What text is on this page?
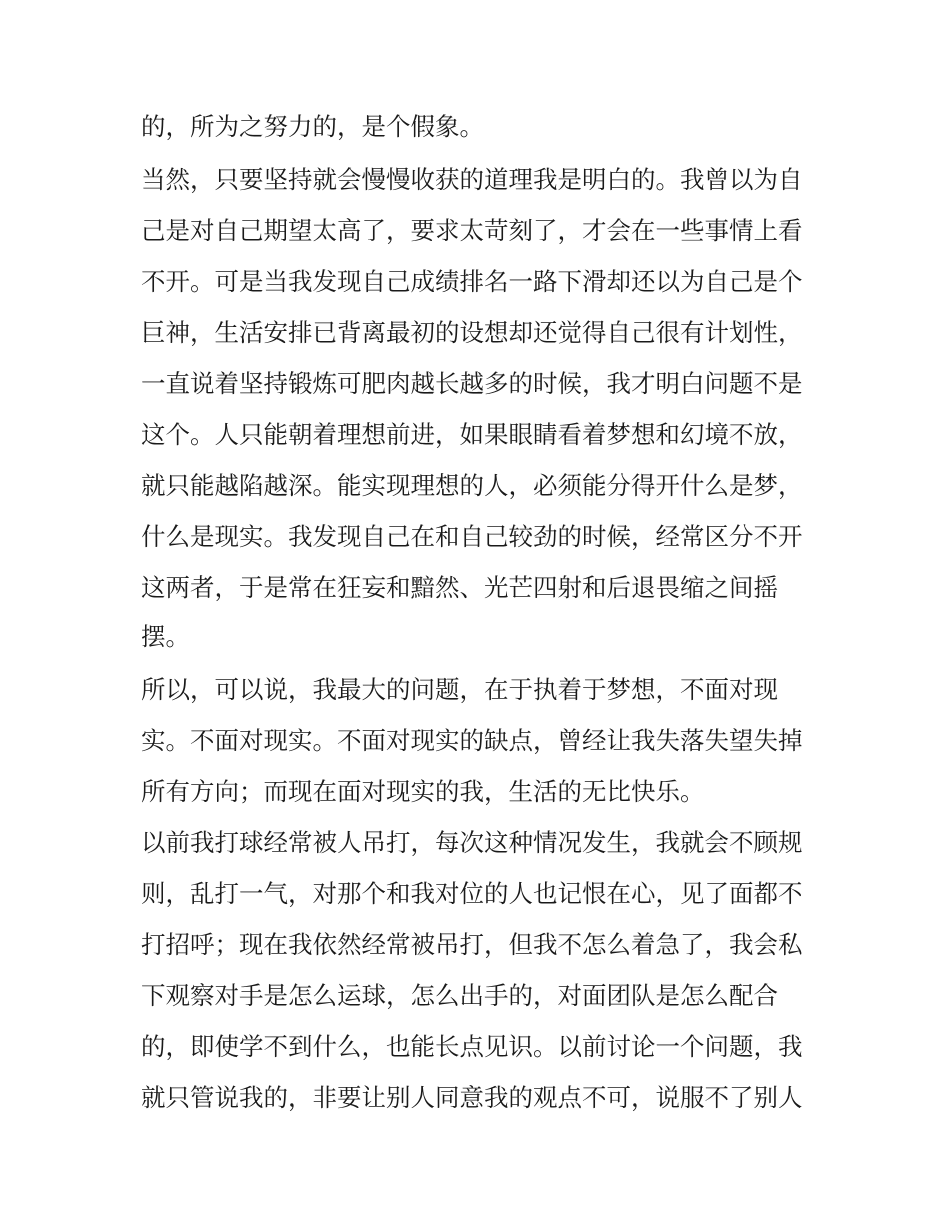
的，所为之努力的，是个假象。
当然，只要坚持就会慢慢收获的道理我是明白的。我曾以为自
己是对自己期望太高了，要求太苛刻了，才会在一些事情上看
不开。可是当我发现自己成绩排名一路下滑却还以为自己是个
巨神，生活安排已背离最初的设想却还觉得自己很有计划性，
一直说着坚持锻炼可肥肉越长越多的时候，我才明白问题不是
这个。人只能朝着理想前进，如果眼睛看着梦想和幻境不放，
就只能越陷越深。能实现理想的人，必须能分得开什么是梦，
什么是现实。我发现自己在和自己较劲的时候，经常区分不开
这两者，于是常在狂妄和黯然、光芒四射和后退畏缩之间摇
摆。
所以，可以说，我最大的问题，在于执着于梦想，不面对现
实。不面对现实。不面对现实的缺点，曾经让我失落失望失掉
所有方向；而现在面对现实的我，生活的无比快乐。
以前我打球经常被人吊打，每次这种情况发生，我就会不顾规
则，乱打一气，对那个和我对位的人也记恨在心，见了面都不
打招呼；现在我依然经常被吊打，但我不怎么着急了，我会私
下观察对手是怎么运球，怎么出手的，对面团队是怎么配合
的，即使学不到什么，也能长点见识。以前讨论一个问题，我
就只管说我的，非要让别人同意我的观点不可，说服不了别人
